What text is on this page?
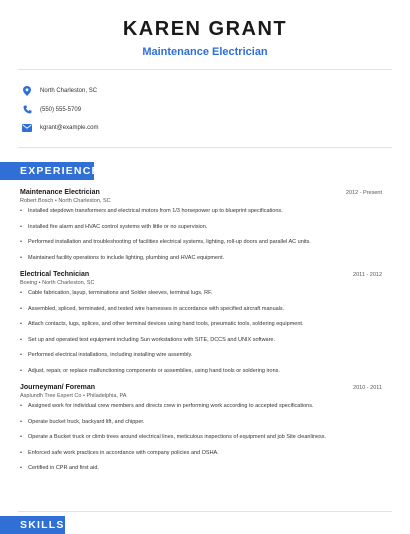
KAREN GRANT
Maintenance Electrician
North Charleston, SC
(550) 555-5709
kgrant@example.com
EXPERIENCE
Maintenance Electrician	2012 - Present
Robert Bosch • North Charleston, SC
• Installed stepdown transformers and electrical motors from 1/3 horsepower up to blueprint specifications.
• Installed fire alarm and HVAC control systems with little or no supervision.
• Performed installation and troubleshooting of facilities electrical systems, lighting, roll-up doors and parallel AC units.
• Maintained facility operations to include lighting, plumbing and HVAC equipment.
Electrical Technician	2011 - 2012
Boeing • North Charleston, SC
• Cable fabrication, layup, terminations and Solder sleeves, terminal lugs, RF.
• Assembled, spliced, terminated, and tested wire harnesses in accordance with specified aircraft manuals.
• Attach contacts, lugs, splices, and other terminal devices using hand tools, pneumatic tools, soldering equipment.
• Set up and operated test equipment including Sun workstations with SITE, DCCS and UNIX software.
• Performed electrical installations, including installing wire assembly.
• Adjust, repair, or replace malfunctioning components or assemblies, using hand tools or soldering irons.
Journeyman/ Foreman	2010 - 2011
Asplundh Tree Expert Co • Philadelphia, PA
• Assigned work for individual crew members and directs crew in performing work according to accepted specifications.
• Operate bucket truck, backyard lift, and chipper.
• Operate a Bucket truck or climb trees around electrical lines, meticulous inspections of equipment and job Site cleanliness.
• Enforced safe work practices in accordance with company policies and OSHA.
• Certified in CPR and first aid.
SKILLS
